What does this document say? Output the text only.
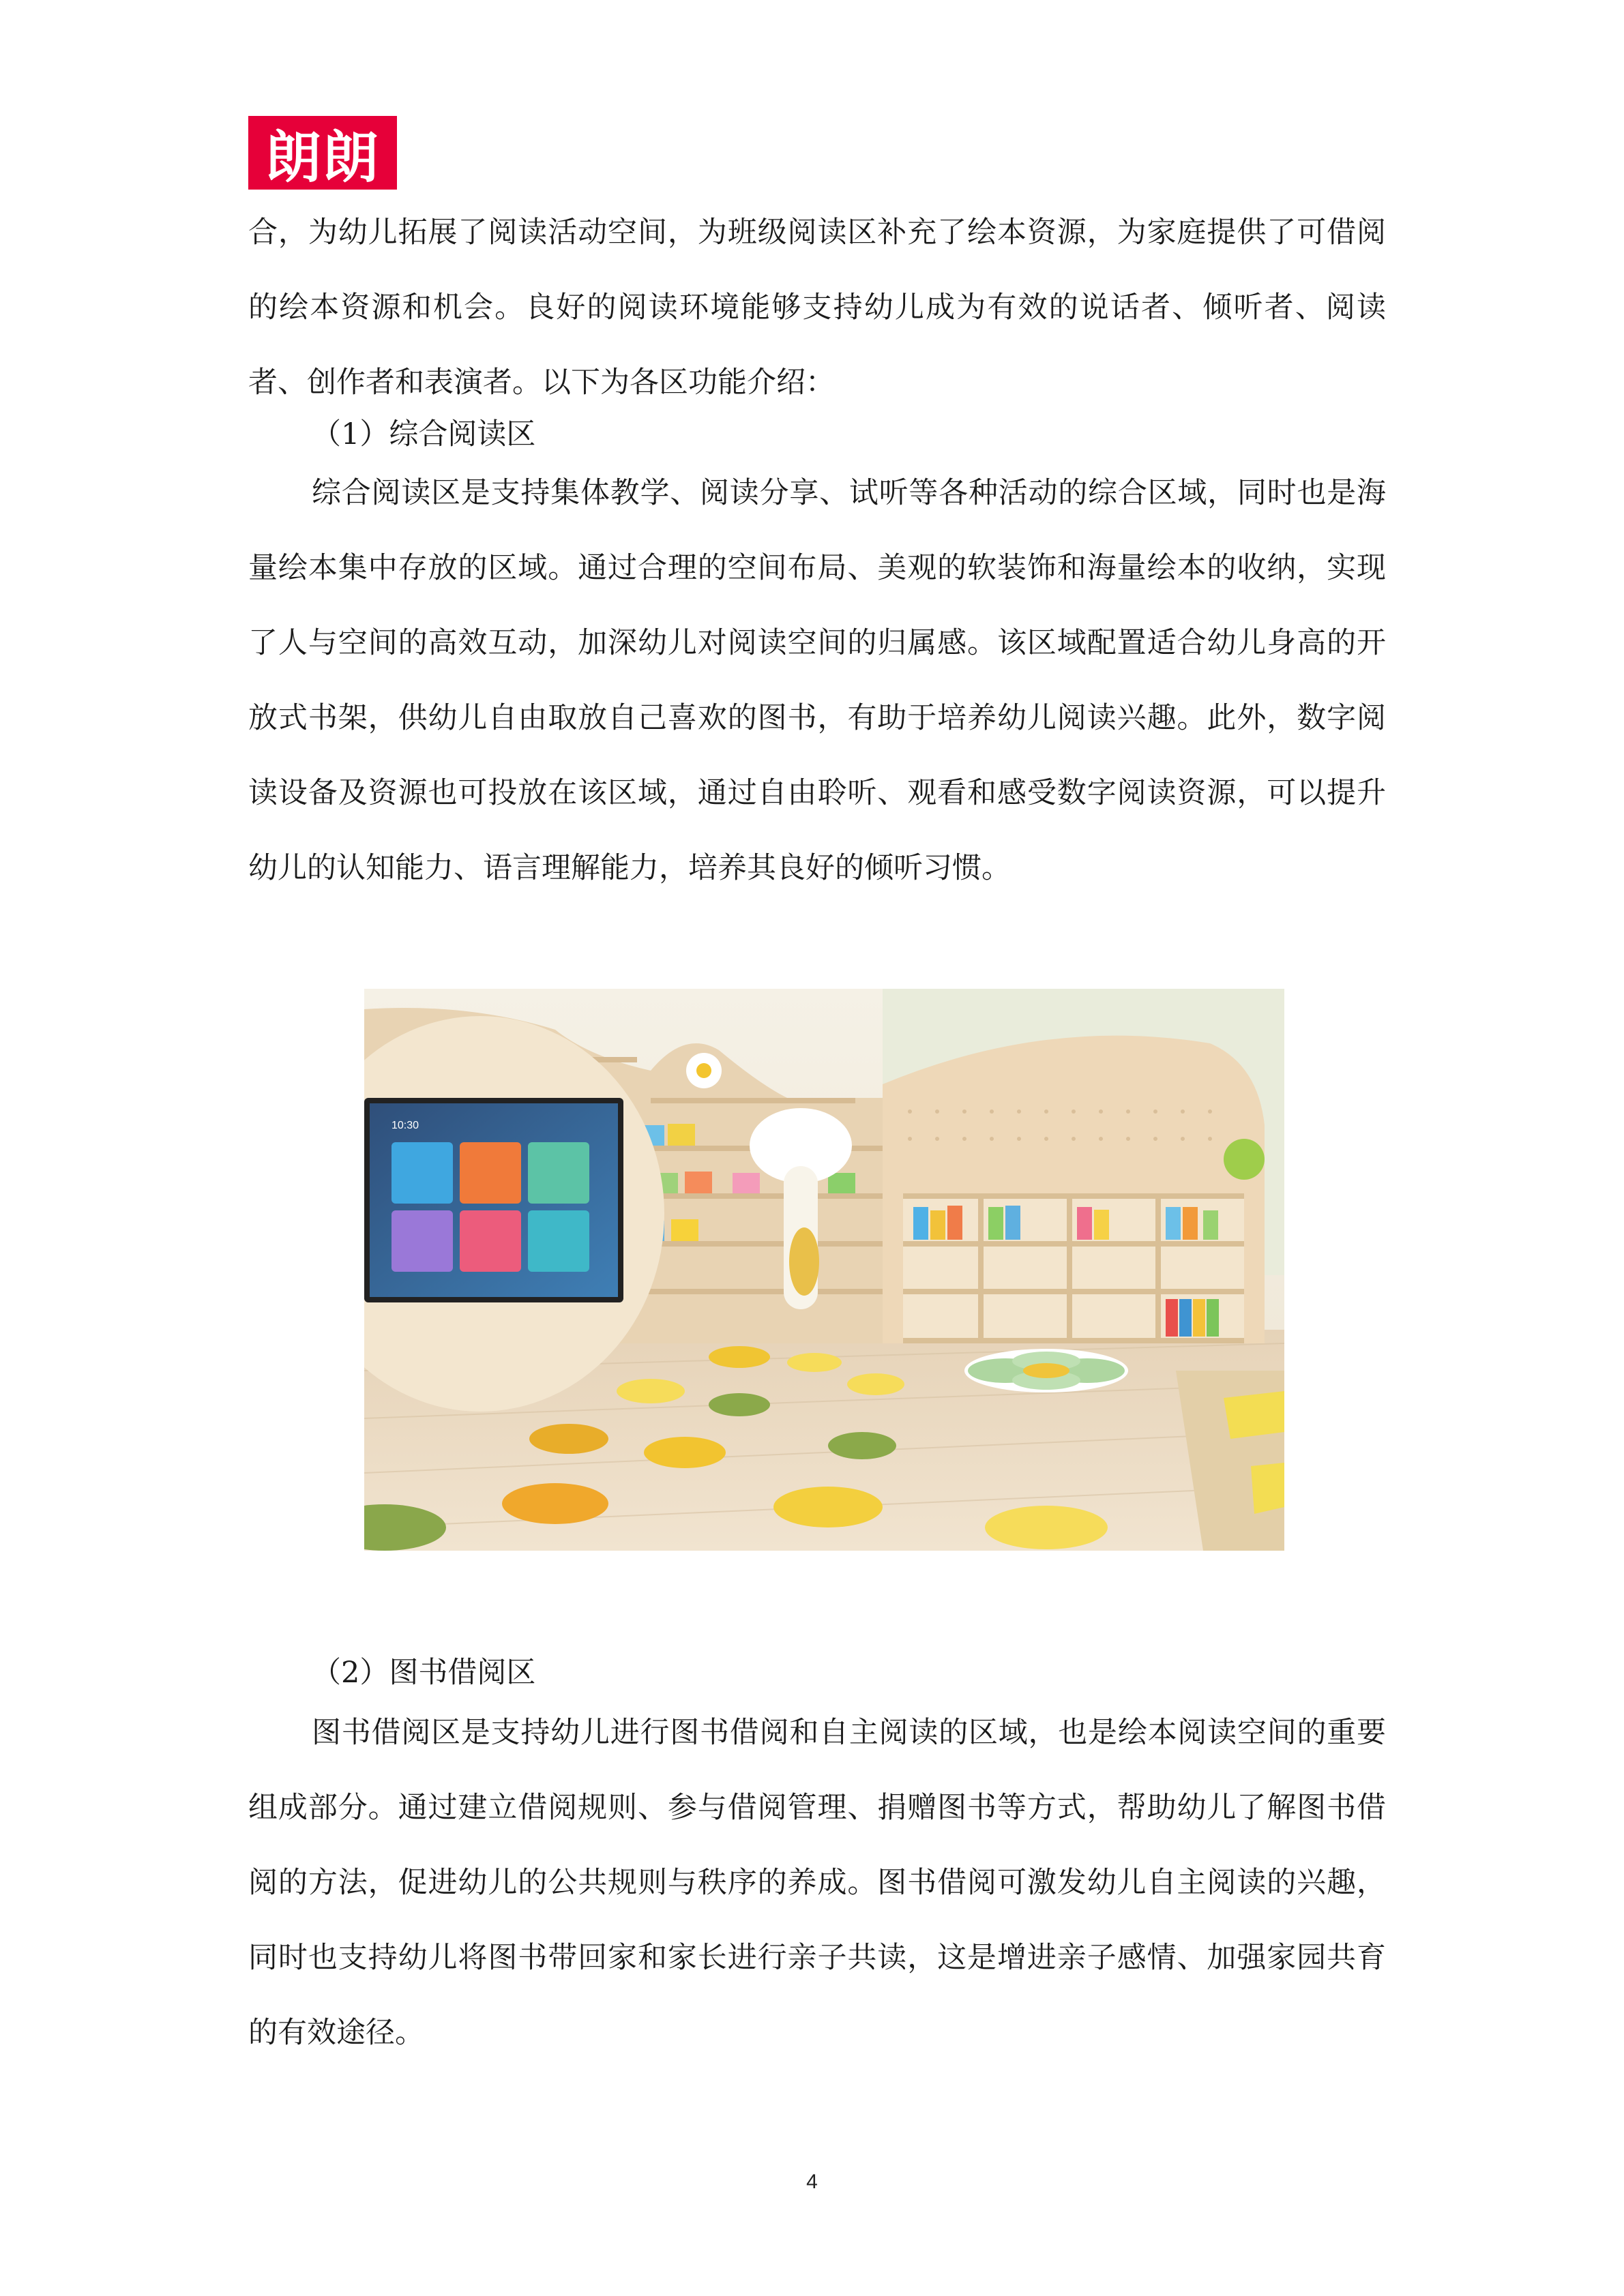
朗朗
合，为幼儿拓展了阅读活动空间，为班级阅读区补充了绘本资源，为家庭提供了可借阅的绘本资源和机会。良好的阅读环境能够支持幼儿成为有效的说话者、倾听者、阅读者、创作者和表演者。以下为各区功能介绍：
（1）综合阅读区
综合阅读区是支持集体教学、阅读分享、试听等各种活动的综合区域，同时也是海量绘本集中存放的区域。通过合理的空间布局、美观的软装饰和海量绘本的收纳，实现了人与空间的高效互动，加深幼儿对阅读空间的归属感。该区域配置适合幼儿身高的开放式书架，供幼儿自由取放自己喜欢的图书，有助于培养幼儿阅读兴趣。此外，数字阅读设备及资源也可投放在该区域，通过自由聆听、观看和感受数字阅读资源，可以提升幼儿的认知能力、语言理解能力，培养其良好的倾听习惯。
10:30
（2）图书借阅区
图书借阅区是支持幼儿进行图书借阅和自主阅读的区域，也是绘本阅读空间的重要组成部分。通过建立借阅规则、参与借阅管理、捐赠图书等方式，帮助幼儿了解图书借阅的方法，促进幼儿的公共规则与秩序的养成。图书借阅可激发幼儿自主阅读的兴趣，同时也支持幼儿将图书带回家和家长进行亲子共读，这是增进亲子感情、加强家园共育的有效途径。
4
